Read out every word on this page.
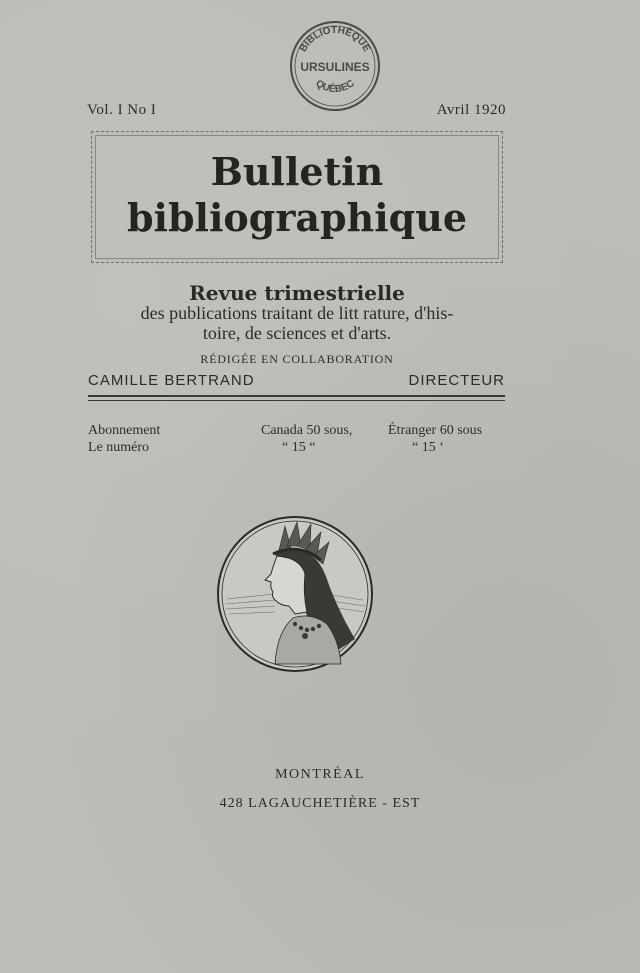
BIBLIOTHÈQUE
URSULINES
QUÉBEC
Vol. I No I	Avril 1920
Bulletin
bibliographique
Revue trimestrielle
des publications traitant de litt rature, d'his-
toire, de sciences et d'arts.
RÉDIGÉE EN COLLABORATION
CAMILLE BERTRAND	DIRECTEUR
Abonnement	Canada 50 sous,	Étranger 60 sous
Le numéro	“ 15 “	“ 15 ‘
MONTRÉAL
428 LAGAUCHETIÈRE - EST
